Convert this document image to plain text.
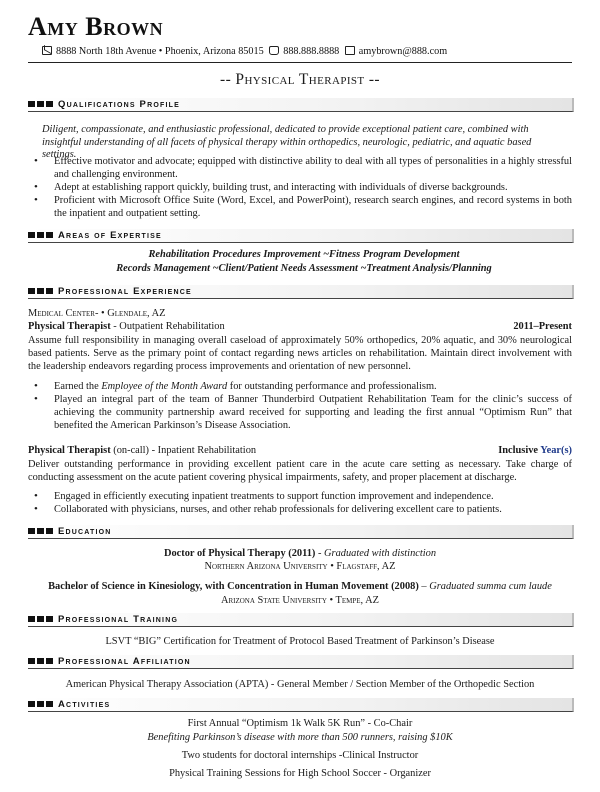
Amy Brown
8888 North 18th Avenue • Phoenix, Arizona 85015 888.888.8888 amybrown@888.com
-- Physical Therapist --
Qualifications Profile
Diligent, compassionate, and enthusiastic professional, dedicated to provide exceptional patient care, combined with insightful understanding of all facets of physical therapy within orthopedics, neurologic, pediatric, and aquatic based settings.
• Effective motivator and advocate; equipped with distinctive ability to deal with all types of personalities in a highly stressful and challenging environment.
• Adept at establishing rapport quickly, building trust, and interacting with individuals of diverse backgrounds.
• Proficient with Microsoft Office Suite (Word, Excel, and PowerPoint), research search engines, and record systems in both the inpatient and outpatient setting.
Areas of Expertise
Rehabilitation Procedures Improvement ~Fitness Program Development
Records Management ~Client/Patient Needs Assessment ~Treatment Analysis/Planning
Professional Experience
Medical Center- • Glendale, AZ
Physical Therapist - Outpatient Rehabilitation	2011–Present
Assume full responsibility in managing overall caseload of approximately 50% orthopedics, 20% aquatic, and 30% neurological based patients. Serve as the primary point of contact regarding news articles on rehabilitation. Maintain direct involvement with the leadership endeavors regarding process improvements and orientation of new personnel.
• Earned the Employee of the Month Award for outstanding performance and professionalism.
• Played an integral part of the team of Banner Thunderbird Outpatient Rehabilitation Team for the clinic’s success of achieving the community partnership award received for supporting and leading the first annual “Optimism Run” that benefited the American Parkinson’s Disease Association.
Physical Therapist (on-call) - Inpatient Rehabilitation	Inclusive Year(s)
Deliver outstanding performance in providing excellent patient care in the acute care setting as necessary. Take charge of conducting assessment on the acute patient covering physical impairments, safety, and proper placement at discharge.
• Engaged in efficiently executing inpatient treatments to support function improvement and independence.
• Collaborated with physicians, nurses, and other rehab professionals for delivering excellent care to patients.
Education
Doctor of Physical Therapy (2011) - Graduated with distinction
Northern Arizona University • Flagstaff, AZ
Bachelor of Science in Kinesiology, with Concentration in Human Movement (2008) – Graduated summa cum laude
Arizona State University • Tempe, AZ
Professional Training
LSVT “BIG” Certification for Treatment of Protocol Based Treatment of Parkinson’s Disease
Professional Affiliation
American Physical Therapy Association (APTA) - General Member / Section Member of the Orthopedic Section
Activities
First Annual “Optimism 1k Walk 5K Run” - Co-Chair
Benefiting Parkinson’s disease with more than 500 runners, raising $10K
Two students for doctoral internships -Clinical Instructor
Physical Training Sessions for High School Soccer - Organizer
